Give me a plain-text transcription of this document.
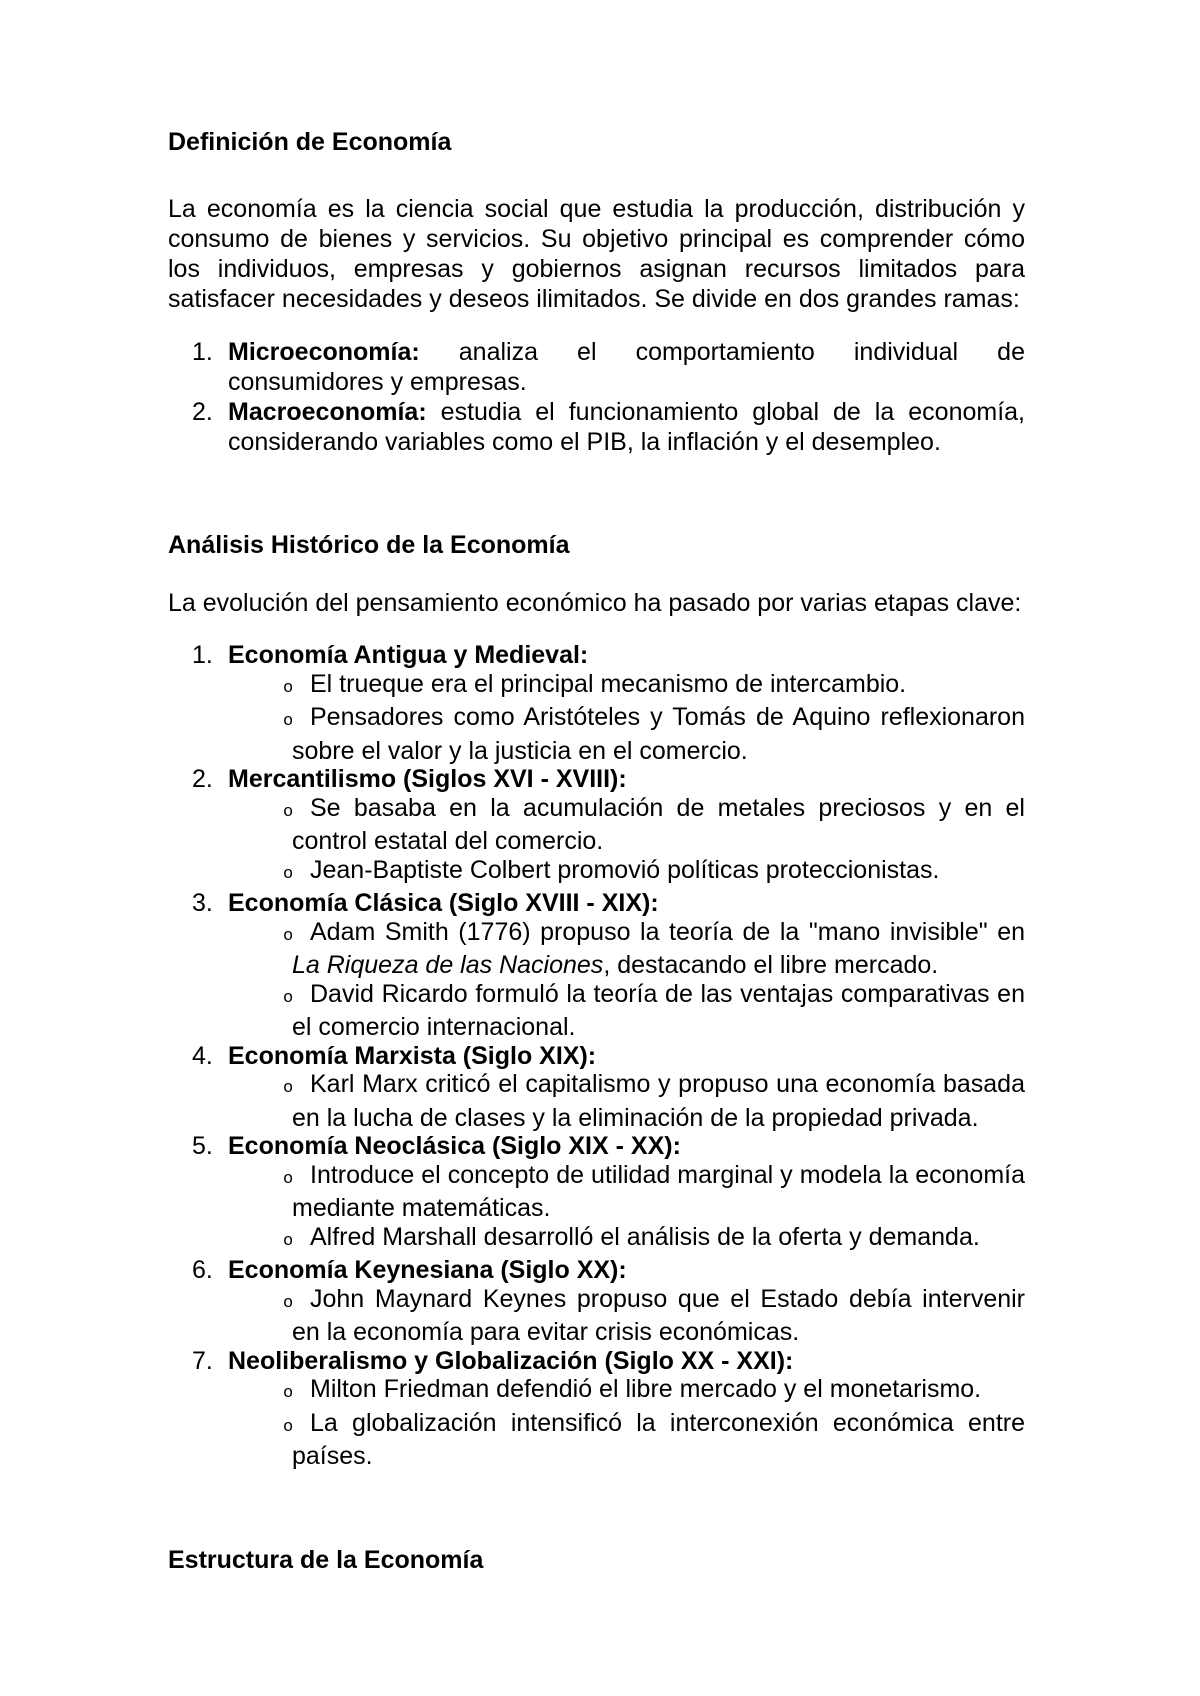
Definición de Economía

La economía es la ciencia social que estudia la producción, distribución y consumo de bienes y servicios. Su objetivo principal es comprender cómo los individuos, empresas y gobiernos asignan recursos limitados para satisfacer necesidades y deseos ilimitados. Se divide en dos grandes ramas:

1. Microeconomía: analiza el comportamiento individual de consumidores y empresas.
2. Macroeconomía: estudia el funcionamiento global de la economía, considerando variables como el PIB, la inflación y el desempleo.
Análisis Histórico de la Economía

La evolución del pensamiento económico ha pasado por varias etapas clave:

1. Economía Antigua y Medieval:
o El trueque era el principal mecanismo de intercambio.
o Pensadores como Aristóteles y Tomás de Aquino reflexionaron sobre el valor y la justicia en el comercio.
2. Mercantilismo (Siglos XVI - XVIII):
o Se basaba en la acumulación de metales preciosos y en el control estatal del comercio.
o Jean-Baptiste Colbert promovió políticas proteccionistas.
3. Economía Clásica (Siglo XVIII - XIX):
o Adam Smith (1776) propuso la teoría de la "mano invisible" en La Riqueza de las Naciones, destacando el libre mercado.
o David Ricardo formuló la teoría de las ventajas comparativas en el comercio internacional.
4. Economía Marxista (Siglo XIX):
o Karl Marx criticó el capitalismo y propuso una economía basada en la lucha de clases y la eliminación de la propiedad privada.
5. Economía Neoclásica (Siglo XIX - XX):
o Introduce el concepto de utilidad marginal y modela la economía mediante matemáticas.
o Alfred Marshall desarrolló el análisis de la oferta y demanda.
6. Economía Keynesiana (Siglo XX):
o John Maynard Keynes propuso que el Estado debía intervenir en la economía para evitar crisis económicas.
7. Neoliberalismo y Globalización (Siglo XX - XXI):
o Milton Friedman defendió el libre mercado y el monetarismo.
o La globalización intensificó la interconexión económica entre países.
Estructura de la Economía
